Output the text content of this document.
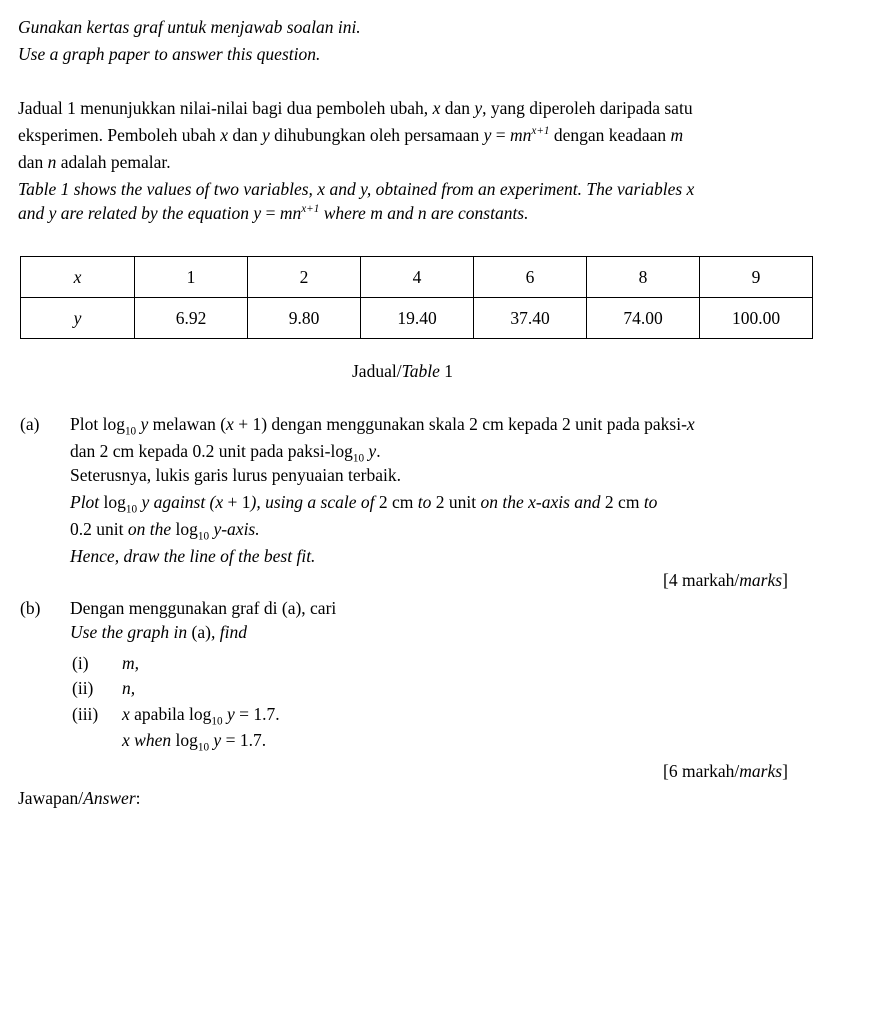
Gunakan kertas graf untuk menjawab soalan ini.
Use a graph paper to answer this question.
Jadual 1 menunjukkan nilai-nilai bagi dua pemboleh ubah, x dan y, yang diperoleh daripada satu
eksperimen. Pemboleh ubah x dan y dihubungkan oleh persamaan $y = mn^{x+1}$ dengan keadaan m
dan n adalah pemalar.
Table 1 shows the values of two variables, x and y, obtained from an experiment. The variables x
and y are related by the equation $y = mn^{x+1}$ where m and n are constants.
x	1	2	4	6	8	9
y	6.92	9.80	19.40	37.40	74.00	100.00
Jadual/Table 1
(a) Plot $\log_{10} y$ melawan (x + 1) dengan menggunakan skala 2 cm kepada 2 unit pada paksi-x
dan 2 cm kepada 0.2 unit pada paksi-$\log_{10}$ y.
Seterusnya, lukis garis lurus penyuaian terbaik.
Plot $\log_{10} y$ against (x + 1), using a scale of 2 cm to 2 unit on the x-axis and 2 cm to
0.2 unit on the $\log_{10}$ y-axis.
Hence, draw the line of the best fit.
[4 markah/marks]
(b) Dengan menggunakan graf di (a), cari
Use the graph in (a), find
(i) m,
(ii) n,
(iii) x apabila $\log_{10} y = 1.7$.
x when $\log_{10} y = 1.7$.
[6 markah/marks]
Jawapan/Answer:
